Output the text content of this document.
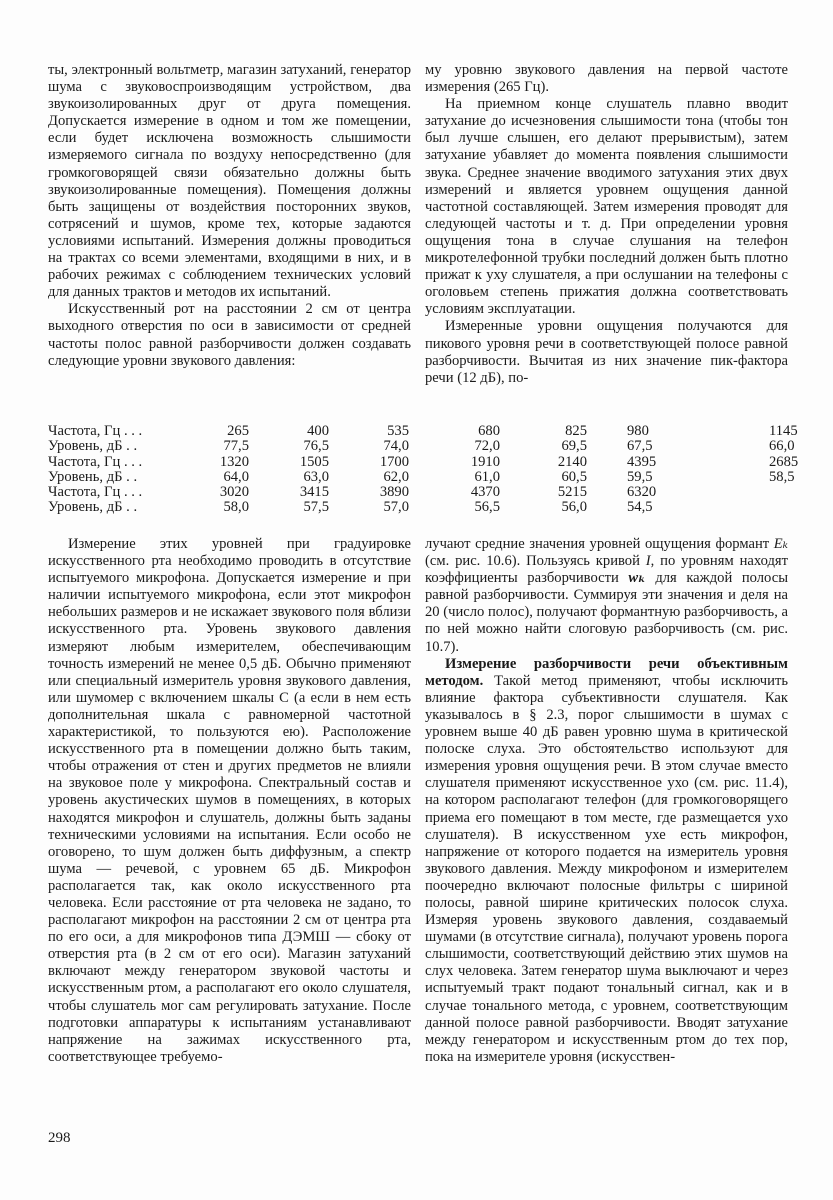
ты, электронный вольтметр, магазин затуханий, генератор шума с звуковоспроизводящим устройством, два звукоизолированных друг от друга помещения. Допускается измерение в одном и том же помещении, если будет исключена возможность слышимости измеряемого сигнала по воздуху непосредственно (для громкоговорящей связи обязательно должны быть звукоизолированные помещения). Помещения должны быть защищены от воздействия посторонних звуков, сотрясений и шумов, кроме тех, которые задаются условиями испытаний. Измерения должны проводиться на трактах со всеми элементами, входящими в них, и в рабочих режимах с соблюдением технических условий для данных трактов и методов их испытаний.

Искусственный рот на расстоянии 2 см от центра выходного отверстия по оси в зависимости от средней частоты полос равной разборчивости должен создавать следующие уровни звукового давления:

му уровню звукового давления на первой частоте измерения (265 Гц).

На приемном конце слушатель плавно вводит затухание до исчезновения слышимости тона (чтобы тон был лучше слышен, его делают прерывистым), затем затухание убавляет до момента появления слышимости звука. Среднее значение вводимого затухания этих двух измерений и является уровнем ощущения данной частотной составляющей. Затем измерения проводят для следующей частоты и т. д. При определении уровня ощущения тона в случае слушания на телефон микротелефонной трубки последний должен быть плотно прижат к уху слушателя, а при ослушании на телефоны с оголовьем степень прижатия должна соответствовать условиям эксплуатации.

Измеренные уровни ощущения получаются для пикового уровня речи в соответствующей полосе равной разборчивости. Вычитая из них значение пик-фактора речи (12 дБ), по-

Частота, Гц . . .	265	400	535	680	825	980	1145
Уровень, дБ . .	77,5	76,5	74,0	72,0	69,5	67,5	66,0
Частота, Гц . . .	1320	1505	1700	1910	2140	4395	2685
Уровень, дБ . .	64,0	63,0	62,0	61,0	60,5	59,5	58,5
Частота, Гц . . .	3020	3415	3890	4370	5215	6320	
Уровень, дБ . .	58,0	57,5	57,0	56,5	56,0	54,5	

Измерение этих уровней при градуировке искусственного рта необходимо проводить в отсутствие испытуемого микрофона. Допускается измерение и при наличии испытуемого микрофона, если этот микрофон небольших размеров и не искажает звукового поля вблизи искусственного рта. Уровень звукового давления измеряют любым измерителем, обеспечивающим точность измерений не менее 0,5 дБ. Обычно применяют или специальный измеритель уровня звукового давления, или шумомер с включением шкалы С (а если в нем есть дополнительная шкала с равномерной частотной характеристикой, то пользуются ею). Расположение искусственного рта в помещении должно быть таким, чтобы отражения от стен и других предметов не влияли на звуковое поле у микрофона. Спектральный состав и уровень акустических шумов в помещениях, в которых находятся микрофон и слушатель, должны быть заданы техническими условиями на испытания. Если особо не оговорено, то шум должен быть диффузным, а спектр шума — речевой, с уровнем 65 дБ. Микрофон располагается так, как около искусственного рта человека. Если расстояние от рта человека не задано, то располагают микрофон на расстоянии 2 см от центра рта по его оси, а для микрофонов типа ДЭМШ — сбоку от отверстия рта (в 2 см от его оси). Магазин затуханий включают между генератором звуковой частоты и искусственным ртом, а располагают его около слушателя, чтобы слушатель мог сам регулировать затухание. После подготовки аппаратуры к испытаниям устанавливают напряжение на зажимах искусственного рта, соответствующее требуемо-

лучают средние значения уровней ощущения формант Eₖ (см. рис. 10.6). Пользуясь кривой I, по уровням находят коэффициенты разборчивости wₖ для каждой полосы равной разборчивости. Суммируя эти значения и деля на 20 (число полос), получают формантную разборчивость, а по ней можно найти слоговую разборчивость (см. рис. 10.7).

Измерение разборчивости речи объективным методом. Такой метод применяют, чтобы исключить влияние фактора субъективности слушателя. Как указывалось в § 2.3, порог слышимости в шумах с уровнем выше 40 дБ равен уровню шума в критической полоске слуха. Это обстоятельство используют для измерения уровня ощущения речи. В этом случае вместо слушателя применяют искусственное ухо (см. рис. 11.4), на котором располагают телефон (для громкоговорящего приема его помещают в том месте, где размещается ухо слушателя). В искусственном ухе есть микрофон, напряжение от которого подается на измеритель уровня звукового давления. Между микрофоном и измерителем поочередно включают полосные фильтры с шириной полосы, равной ширине критических полосок слуха. Измеряя уровень звукового давления, создаваемый шумами (в отсутствие сигнала), получают уровень порога слышимости, соответствующий действию этих шумов на слух человека. Затем генератор шума выключают и через испытуемый тракт подают тональный сигнал, как и в случае тонального метода, с уровнем, соответствующим данной полосе равной разборчивости. Вводят затухание между генератором и искусственным ртом до тех пор, пока на измерителе уровня (искусствен-

298
